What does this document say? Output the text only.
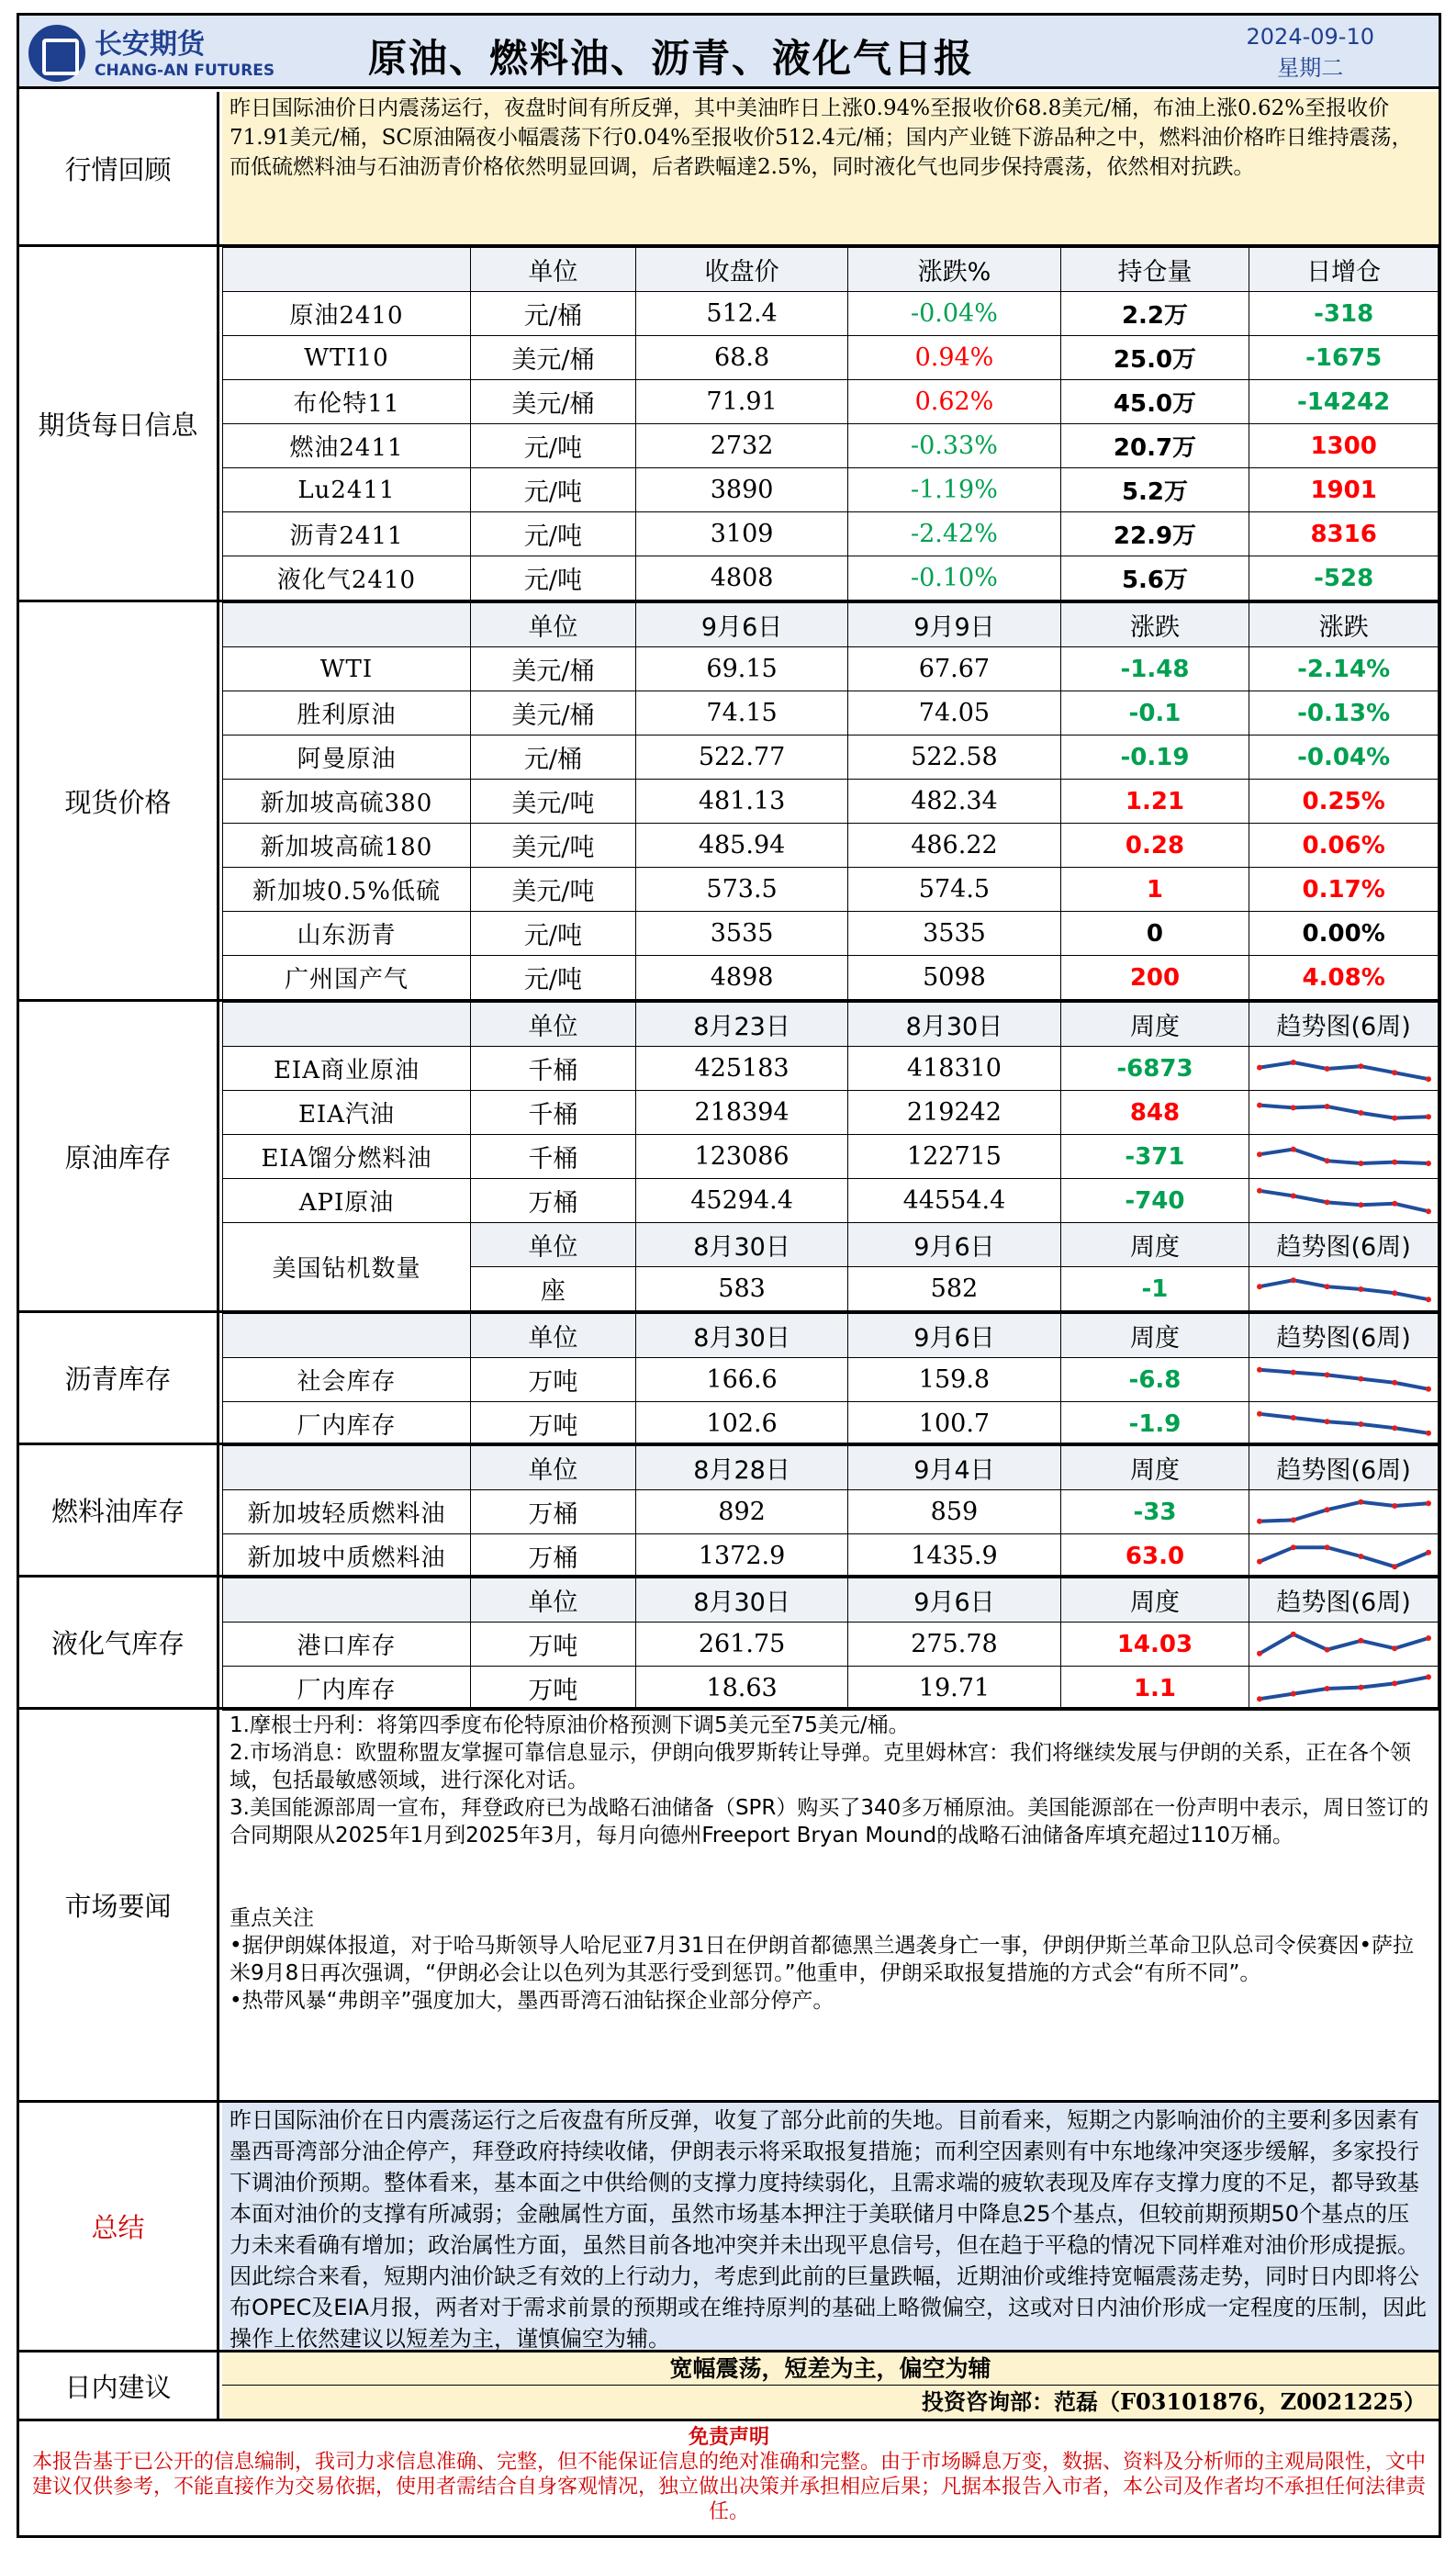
长安期货
CHANG-AN FUTURES 原油、燃料油、沥青、液化气日报	2024-09-10
星期二
行情回顾
昨日国际油价日内震荡运行，夜盘时间有所反弹，其中美油昨日上涨0.94%至报收价68.8美元/桶，布油上涨0.62%至报收价71.91美元/桶，SC原油隔夜小幅震荡下行0.04%至报收价512.4元/桶；国内产业链下游品种之中，燃料油价格昨日维持震荡，而低硫燃料油与石油沥青价格依然明显回调，后者跌幅達2.5%，同时液化气也同步保持震荡，依然相对抗跌。
期货每日信息
	单位	收盘价	涨跌%	持仓量	日增仓
原油2410	元/桶	512.4	-0.04%	2.2万	-318
WTI10	美元/桶	68.8	0.94%	25.0万	-1675
布伦特11	美元/桶	71.91	0.62%	45.0万	-14242
燃油2411	元/吨	2732	-0.33%	20.7万	1300
Lu2411	元/吨	3890	-1.19%	5.2万	1901
沥青2411	元/吨	3109	-2.42%	22.9万	8316
液化气2410	元/吨	4808	-0.10%	5.6万	-528
现货价格
	单位	9月6日	9月9日	涨跌	涨跌
WTI	美元/桶	69.15	67.67	-1.48	-2.14%
胜利原油	美元/桶	74.15	74.05	-0.1	-0.13%
阿曼原油	元/桶	522.77	522.58	-0.19	-0.04%
新加坡高硫380	美元/吨	481.13	482.34	1.21	0.25%
新加坡高硫180	美元/吨	485.94	486.22	0.28	0.06%
新加坡0.5%低硫	美元/吨	573.5	574.5	1	0.17%
山东沥青	元/吨	3535	3535	0	0.00%
广州国产气	元/吨	4898	5098	200	4.08%
原油库存
	单位	8月23日	8月30日	周度	趋势图(6周)
EIA商业原油	千桶	425183	418310	-6873	

EIA汽油	千桶	218394	219242	848	

EIA馏分燃料油	千桶	123086	122715	-371	

API原油	万桶	45294.4	44554.4	-740	

美国钻机数量	单位	8月30日	9月6日	周度	趋势图(6周)
	座	583	582	-1	
沥青库存
	单位	8月30日	9月6日	周度	趋势图(6周)
社会库存	万吨	166.6	159.8	-6.8	

厂内库存	万吨	102.6	100.7	-1.9	
燃料油库存
	单位	8月28日	9月4日	周度	趋势图(6周)
新加坡轻质燃料油	万桶	892	859	-33	

新加坡中质燃料油	万桶	1372.9	1435.9	63.0	
液化气库存
	单位	8月30日	9月6日	周度	趋势图(6周)
港口库存	万吨	261.75	275.78	14.03	

厂内库存	万吨	18.63	19.71	1.1	
市场要闻

1.摩根士丹利：将第四季度布伦特原油价格预测下调5美元至75美元/桶。

2.市场消息：欧盟称盟友掌握可靠信息显示，伊朗向俄罗斯转让导弹。克里姆林宫：我们将继续发展与伊朗的关系，正在各个领域，包括最敏感领域，进行深化对话。

3.美国能源部周一宣布，拜登政府已为战略石油储备（SPR）购买了340多万桶原油。美国能源部在一份声明中表示，周日签订的合同期限从2025年1月到2025年3月，每月向德州Freeport Bryan Mound的战略石油储备库填充超过110万桶。

重点关注

•据伊朗媒体报道，对于哈马斯领导人哈尼亚7月31日在伊朗首都德黑兰遇袭身亡一事，伊朗伊斯兰革命卫队总司令侯赛因•萨拉米9月8日再次强调，“伊朗必会让以色列为其恶行受到惩罚。”他重申，伊朗采取报复措施的方式会“有所不同”。

•热带风暴“弗朗辛”强度加大，墨西哥湾石油钻探企业部分停产。

总结
昨日国际油价在日内震荡运行之后夜盘有所反弹，收复了部分此前的失地。目前看来，短期之内影响油价的主要利多因素有墨西哥湾部分油企停产，拜登政府持续收储，伊朗表示将采取报复措施；而利空因素则有中东地缘冲突逐步缓解，多家投行下调油价预期。整体看来，基本面之中供给侧的支撑力度持续弱化，且需求端的疲软表现及库存支撑力度的不足，都导致基本面对油价的支撑有所减弱；金融属性方面，虽然市场基本押注于美联储月中降息25个基点，但较前期预期50个基点的压力未来看确有增加；政治属性方面，虽然目前各地冲突并未出现平息信号，但在趋于平稳的情况下同样难对油价形成提振。因此综合来看，短期内油价缺乏有效的上行动力，考虑到此前的巨量跌幅，近期油价或维持宽幅震荡走势，同时日内即将公布OPEC及EIA月报，两者对于需求前景的预期或在维持原判的基础上略微偏空，这或对日内油价形成一定程度的压制，因此操作上依然建议以短差为主，谨慎偏空为辅。
日内建议
宽幅震荡，短差为主，偏空为辅
投资咨询部：范磊（F03101876，Z0021225）
免责声明
本报告基于已公开的信息编制，我司力求信息准确、完整，但不能保证信息的绝对准确和完整。由于市场瞬息万变，数据、资料及分析师的主观局限性，文中建议仅供参考，不能直接作为交易依据，使用者需结合自身客观情况，独立做出决策并承担相应后果；凡据本报告入市者，本公司及作者均不承担任何法律责任。
